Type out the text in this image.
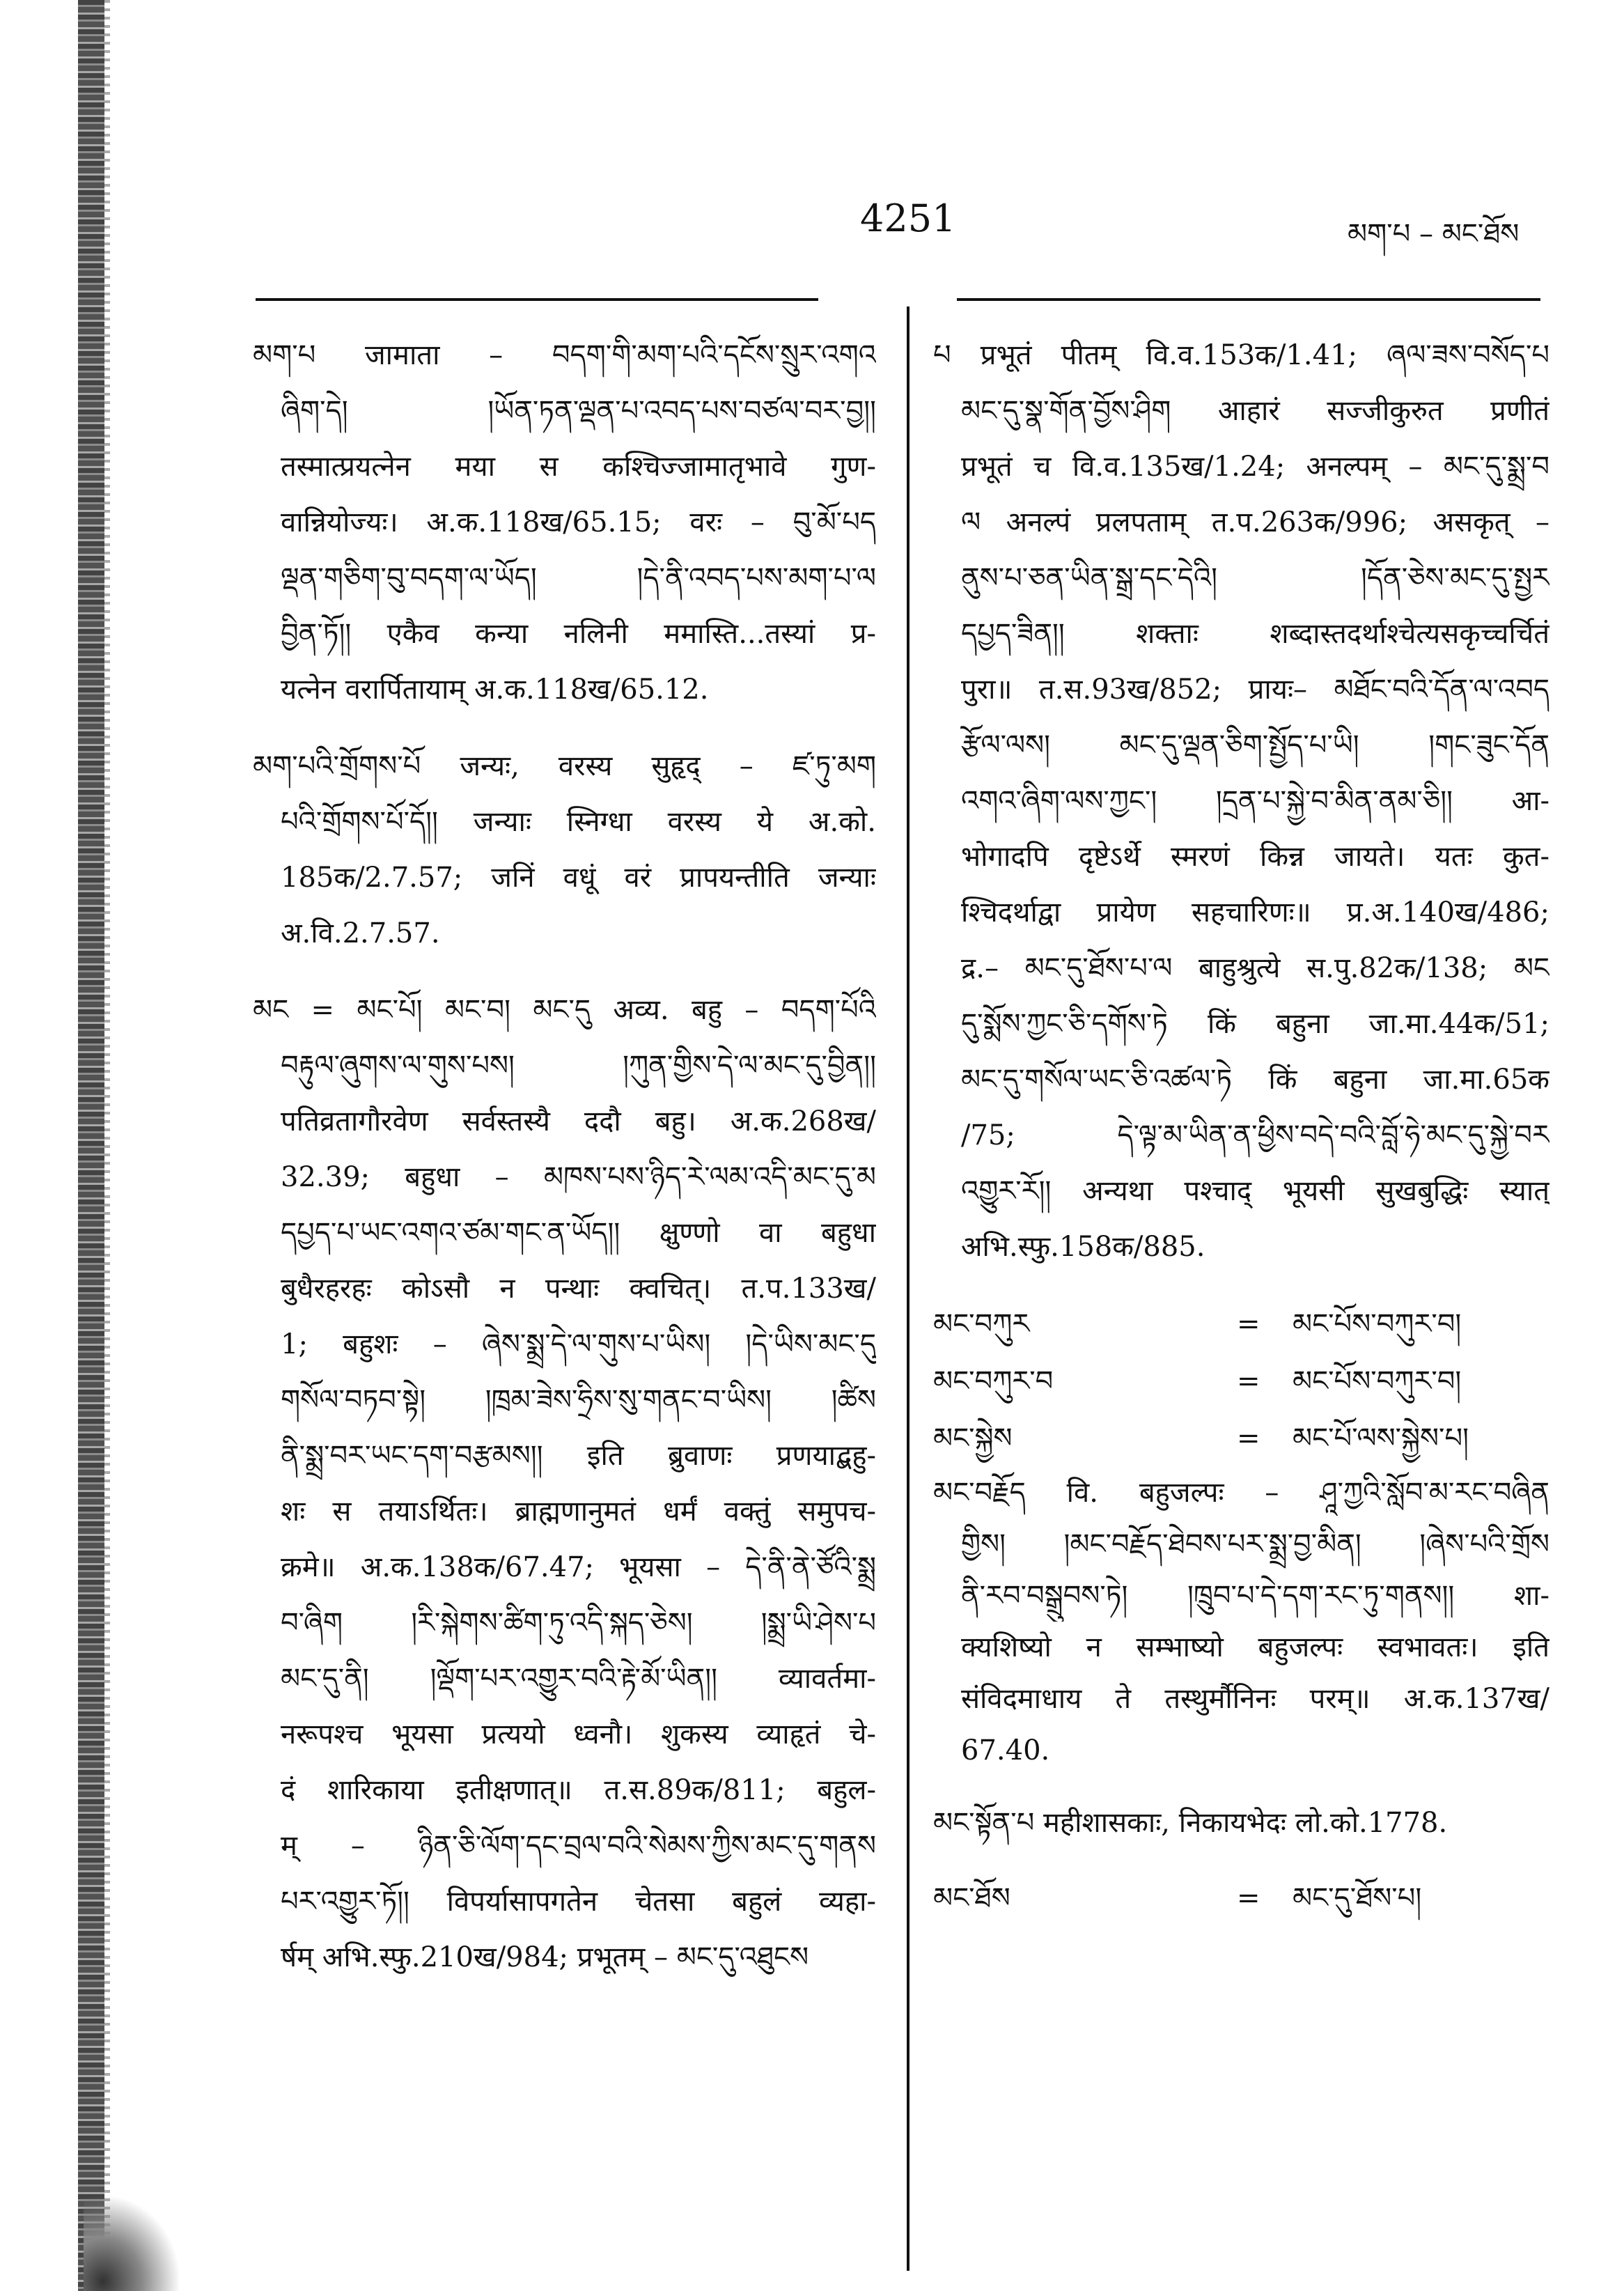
4251	མག་པ – མང་ཐོས
མག་པ जामाता – བདག་གི་མག་པའི་དངོས་སྲུར་འགའ
ཞིག་དེ། །ཡོན་ཏན་ལྡན་པ་འབད་པས་བཙལ་བར་བྱ།།
तस्मात्प्रयत्नेन मया स कश्चिज्जामातृभावे गुण-
वान्नियोज्यः। अ.क.118ख/65.15; वरः – བུ་མོ་པད
ལྡན་གཅིག་བུ་བདག་ལ་ཡོད། །དེ་ནི་འབད་པས་མག་པ་ལ
བྱིན་ཏོ།། एकैव कन्या नलिनी ममास्ति...तस्यां प्र-
यत्नेन वरार्पितायाम् अ.क.118ख/65.12.
མག་པའི་གྲོགས་པོ जन्यः, वरस्य सुहृद् – ཛ་ཏུ་མག
པའི་གྲོགས་པོ་དོ།། जन्याः स्निग्धा वरस्य ये अ.को.
185क/2.7.57; जनिं वधूं वरं प्रापयन्तीति जन्याः
अ.वि.2.7.57.
མང = མང་པོ། མང་བ། མང་དུ अव्य. बहु – བདག་པོའི
བརྟུལ་ཞུགས་ལ་གུས་པས། །ཀུན་གྱིས་དེ་ལ་མང་དུ་བྱིན།།
पतिव्रतागौरवेण सर्वस्तस्यै ददौ बहु। अ.क.268ख/
32.39; बहुधा – མཁས་པས་ཉིད་རེ་ལམ་འདི་མང་དུ་མ
དཔྱད་པ་ཡང་འགའ་ཙམ་གང་ན་ཡོད།། क्षुण्णो वा बहुधा
बुधैरहरहः कोऽसौ न पन्थाः क्वचित्। त.प.133ख/
1; बहुशः – ཞེས་སྨྲ་དེ་ལ་གུས་པ་ཡིས། །དེ་ཡིས་མང་དུ
གསོལ་བཏབ་སྟེ། །ཁྲམ་ཟེས་ཧྲིས་སུ་གནང་བ་ཡིས། །ཚིས
ནི་སྨྲ་བར་ཡང་དག་བརྩམས།། इति ब्रुवाणः प्रणयाद्बहु-
शः स तयाऽर्थितः। ब्राह्मणानुमतं धर्मं वक्तुं समुपच-
क्रमे॥ अ.क.138क/67.47; भूयसा – དེ་ནི་ནེ་ཙོའི་སྨྲ
བ་ཞིག །རི་སྐེགས་ཚིག་ཏུ་འདི་སྐད་ཅེས། །སྨྲ་ཡི་ཤེས་པ
མང་དུ་ནི། །ལྡོག་པར་འགྱུར་བའི་རྟེ་མོ་ཡིན།། व्यावर्तमा-
नरूपश्च भूयसा प्रत्ययो ध्वनौ। शुकस्य व्याहृतं चे-
दं शारिकाया इतीक्षणात्॥ त.स.89क/811; बहुल-
म् – ཉིན་ཅི་ལོག་དང་བྲལ་བའི་སེམས་ཀྱིས་མང་དུ་གནས
པར་འགྱུར་ཏོ།། विपर्यासापगतेन चेतसा बहुलं व्यहा-
र्षम् अभि.स्फु.210ख/984; प्रभूतम् – མང་དུ་འཐུངས
པ प्रभूतं पीतम् वि.व.153क/1.41; ཞལ་ཟས་བསོད་པ
མང་དུ་སྣ་གོན་བྱོས་ཤིག आहारं सज्जीकुरुत प्रणीतं
प्रभूतं च वि.व.135ख/1.24; अनल्पम् – མང་དུ་སྨྲ་བ
ལ अनल्पं प्रलपताम् त.प.263क/996; असकृत् –
ནུས་པ་ཅན་ཡིན་སྒྲ་དང་དེའི། །དོན་ཅེས་མང་དུ་སྤྱར
དཔྱད་ཟིན།། शक्ताः शब्दास्तदर्थाश्चेत्यसकृच्चर्चितं
पुरा॥ त.स.93ख/852; प्रायः– མཐོང་བའི་དོན་ལ་འབད
རྩོལ་ལས། མང་དུ་ལྡན་ཅིག་སྤྱོད་པ་ཡི། །གང་ཟུང་དོན
འགའ་ཞིག་ལས་ཀྱང་། །དྲན་པ་སྐྱེ་བ་མིན་ནམ་ཅི།། आ-
भोगादपि दृष्टेऽर्थे स्मरणं किन्न जायते। यतः कुत-
श्चिदर्थाद्वा प्रायेण सहचारिणः॥ प्र.अ.140ख/486;
द्र.– མང་དུ་ཐོས་པ་ལ बाहुश्रुत्ये स.पु.82क/138; མང
དུ་སྨོས་ཀྱང་ཅི་དགོས་ཏེ किं बहुना जा.मा.44क/51;
མང་དུ་གསོལ་ཡང་ཅི་འཚལ་ཏེ किं बहुना जा.मा.65क
/75; དེ་ལྟ་མ་ཡིན་ན་ཕྱིས་བདེ་བའི་བློ་ཧེ་མང་དུ་སྐྱེ་བར
འགྱུར་རོ།། अन्यथा पश्चाद् भूयसी सुखबुद्धिः स्यात्
अभि.स्फु.158क/885.
མང་བཀུར	= མང་པོས་བཀུར་བ།
མང་བཀུར་བ	= མང་པོས་བཀུར་བ།
མང་སྐྱེས	= མང་པོ་ལས་སྐྱེས་པ།
མང་བརྗོད वि. बहुजल्पः – ཤཱ་ཀྱའི་སློབ་མ་རང་བཞིན
གྱིས། །མང་བརྗོད་ཐེབས་པར་སྨྲ་བྱ་མིན། །ཞེས་པའི་གྲོས
ནི་རབ་བསྒྲུབས་ཏེ། །ཁྲུབ་པ་དེ་དག་རང་ཏུ་གནས།། शा-
क्यशिष्यो न सम्भाष्यो बहुजल्पः स्वभावतः। इति
संविदमाधाय ते तस्थुर्मौनिनः परम्॥ अ.क.137ख/
67.40.
མང་སྟོན་པ महीशासकाः, निकायभेदः लो.को.1778.
མང་ཐོས	= མང་དུ་ཐོས་པ།
